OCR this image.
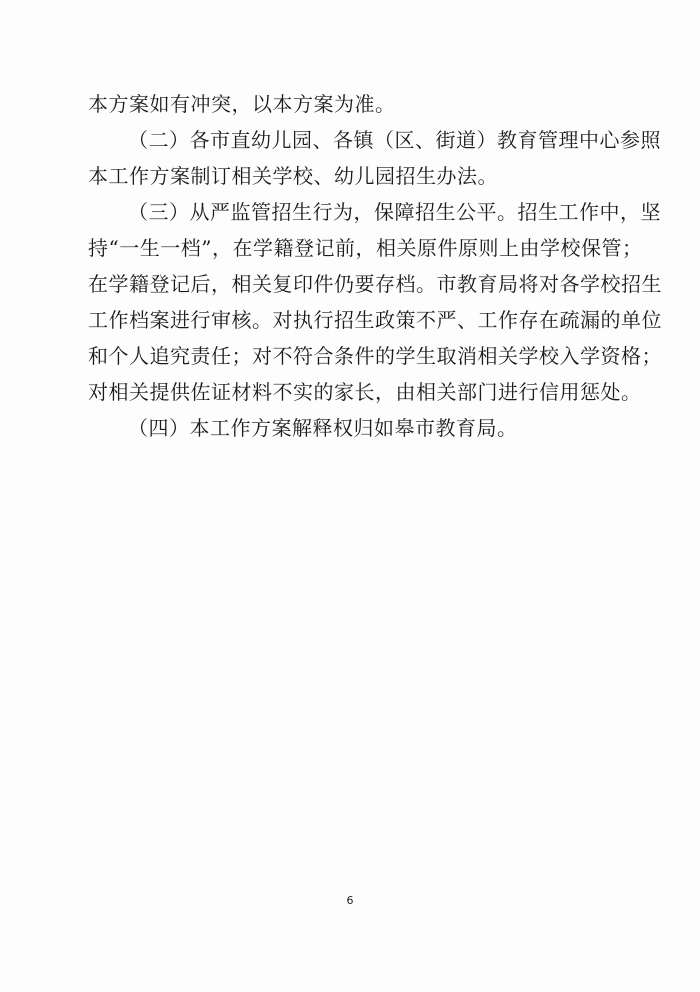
本方案如有冲突，以本方案为准。
（二）各市直幼儿园、各镇（区、街道）教育管理中心参照
本工作方案制订相关学校、幼儿园招生办法。
（三）从严监管招生行为，保障招生公平。招生工作中，坚
持“一生一档”，在学籍登记前，相关原件原则上由学校保管；
在学籍登记后，相关复印件仍要存档。市教育局将对各学校招生
工作档案进行审核。对执行招生政策不严、工作存在疏漏的单位
和个人追究责任；对不符合条件的学生取消相关学校入学资格；
对相关提供佐证材料不实的家长，由相关部门进行信用惩处。
（四）本工作方案解释权归如皋市教育局。
6
